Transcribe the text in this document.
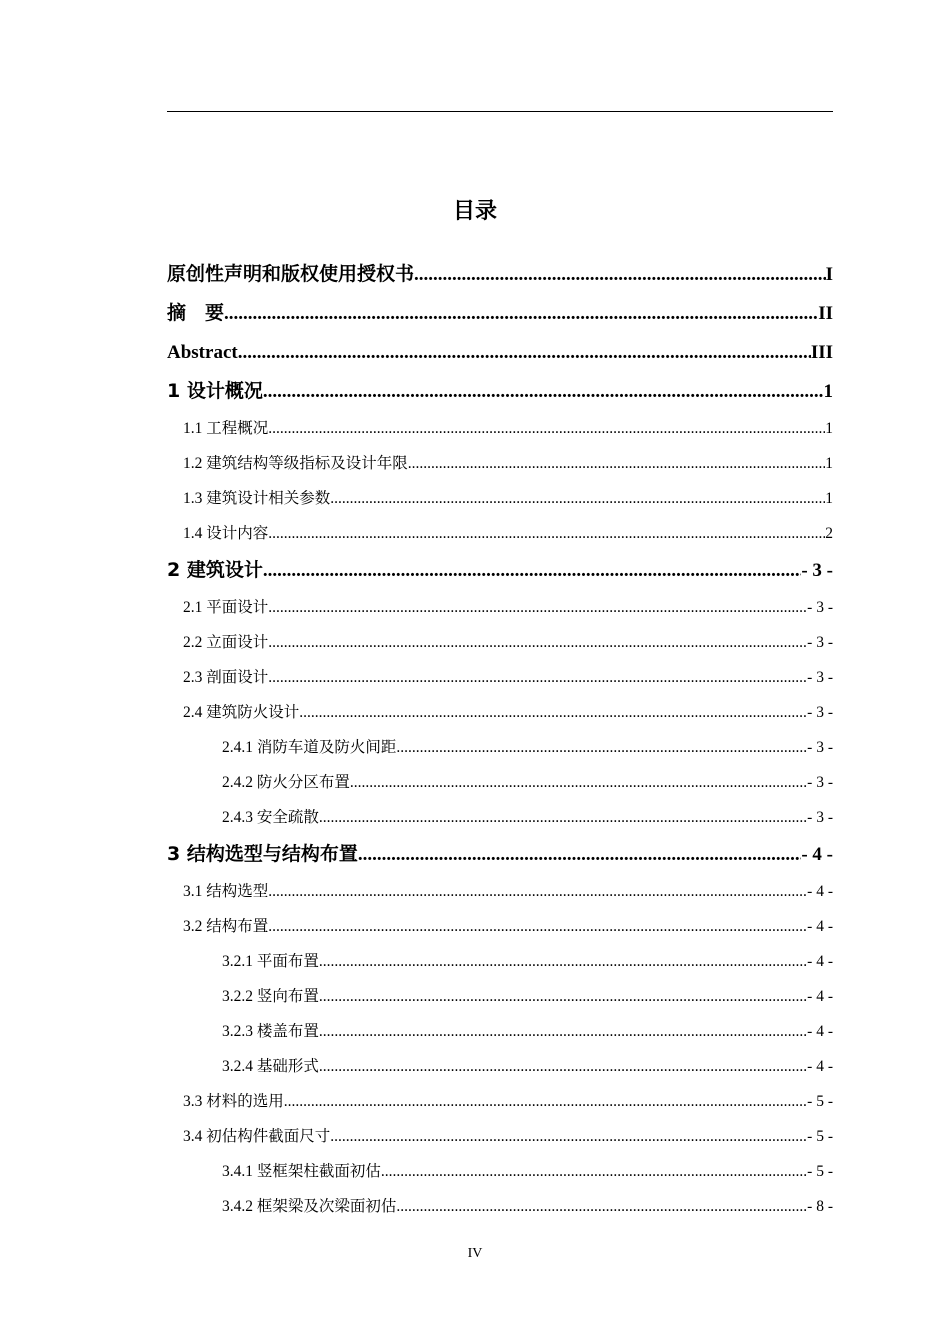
目录
原创性声明和版权使用授权书 .....	I
摘　要 .....	II
Abstract .....	III
1 设计概况 .....	1
1.1 工程概况 .....	1
1.2 建筑结构等级指标及设计年限 .....	1
1.3 建筑设计相关参数 .....	1
1.4 设计内容 .....	2
2 建筑设计 .....	- 3 -
2.1 平面设计 .....	- 3 -
2.2 立面设计 .....	- 3 -
2.3 剖面设计 .....	- 3 -
2.4 建筑防火设计 .....	- 3 -
2.4.1 消防车道及防火间距 .....	- 3 -
2.4.2 防火分区布置 .....	- 3 -
2.4.3 安全疏散 .....	- 3 -
3 结构选型与结构布置 .....	- 4 -
3.1 结构选型 .....	- 4 -
3.2 结构布置 .....	- 4 -
3.2.1 平面布置 .....	- 4 -
3.2.2 竖向布置 .....	- 4 -
3.2.3 楼盖布置 .....	- 4 -
3.2.4 基础形式 .....	- 4 -
3.3 材料的选用 .....	- 5 -
3.4 初估构件截面尺寸 .....	- 5 -
3.4.1 竖框架柱截面初估 .....	- 5 -
3.4.2 框架梁及次梁面初估 .....	- 8 -
IV
